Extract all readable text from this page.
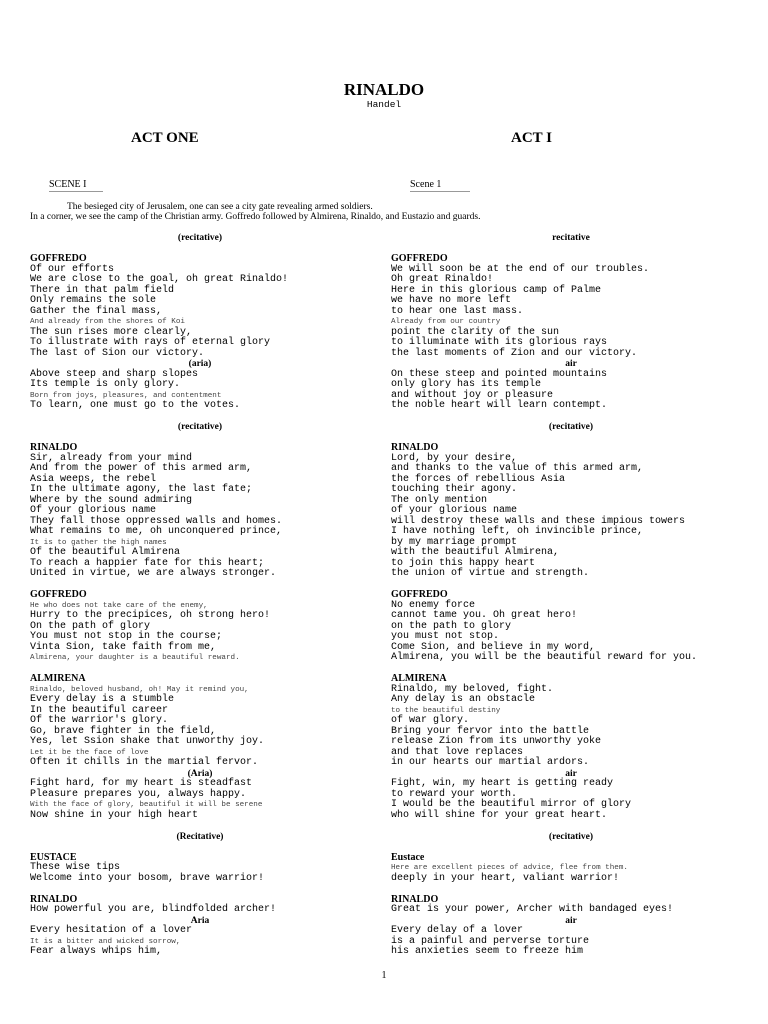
RINALDO
Handel
ACT ONE	ACT I
SCENE I	Scene 1
The besieged city of Jerusalem, one can see a city gate revealing armed soldiers.
In a corner, we see the camp of the Christian army. Goffredo followed by Almirena, Rinaldo, and Eustazio and guards.
(recitative)
GOFFREDO
Of our efforts
We are close to the goal, oh great Rinaldo!
There in that palm field
Only remains the sole
Gather the final mass,
And already from the shores of Koi
The sun rises more clearly,
To illustrate with rays of eternal glory
The last of Sion our victory.
(aria)
Above steep and sharp slopes
Its temple is only glory.
Born from joys, pleasures, and contentment
To learn, one must go to the votes.
(recitative)
RINALDO
Sir, already from your mind
And from the power of this armed arm,
Asia weeps, the rebel
In the ultimate agony, the last fate;
Where by the sound admiring
Of your glorious name
They fall those oppressed walls and homes.
What remains to me, oh unconquered prince,
It is to gather the high names
Of the beautiful Almirena
To reach a happier fate for this heart;
United in virtue, we are always stronger.
GOFFREDO
He who does not take care of the enemy,
Hurry to the precipices, oh strong hero!
On the path of glory
You must not stop in the course;
Vinta Sion, take faith from me,
Almirena, your daughter is a beautiful reward.
ALMIRENA
Rinaldo, beloved husband, oh! May it remind you,
Every delay is a stumble
In the beautiful career
Of the warrior's glory.
Go, brave fighter in the field,
Yes, let Ssion shake that unworthy joy.
Let it be the face of love
Often it chills in the martial fervor.
(Aria)
Fight hard, for my heart is steadfast
Pleasure prepares you, always happy.
With the face of glory, beautiful it will be serene
Now shine in your high heart
(Recitative)
EUSTACE
These wise tips
Welcome into your bosom, brave warrior!
RINALDO
How powerful you are, blindfolded archer!
Aria
Every hesitation of a lover
It is a bitter and wicked sorrow,
Fear always whips him,
recitative
GOFFREDO
We will soon be at the end of our troubles.
Oh great Rinaldo!
Here in this glorious camp of Palme
we have no more left
to hear one last mass.
Already from our country
point the clarity of the sun
to illuminate with its glorious rays
the last moments of Zion and our victory.
air
On these steep and pointed mountains
only glory has its temple
and without joy or pleasure
the noble heart will learn contempt.
(recitative)
RINALDO
Lord, by your desire,
and thanks to the value of this armed arm,
the forces of rebellious Asia
touching their agony.
The only mention
of your glorious name
will destroy these walls and these impious towers
I have nothing left, oh invincible prince,
by my marriage prompt
with the beautiful Almirena,
to join this happy heart
the union of virtue and strength.
GOFFREDO
No enemy force
cannot tame you. Oh great hero!
on the path to glory
you must not stop.
Come Sion, and believe in my word,
Almirena, you will be the beautiful reward for you.
ALMIRENA
Rinaldo, my beloved, fight.
Any delay is an obstacle
to the beautiful destiny
of war glory.
Bring your fervor into the battle
release Zion from its unworthy yoke
and that love replaces
in our hearts our martial ardors.
air
Fight, win, my heart is getting ready
to reward your worth.
I would be the beautiful mirror of glory
who will shine for your great heart.
(recitative)
Eustace
Here are excellent pieces of advice, flee from them.
deeply in your heart, valiant warrior!
RINALDO
Great is your power, Archer with bandaged eyes!
air
Every delay of a lover
is a painful and perverse torture
his anxieties seem to freeze him
1
